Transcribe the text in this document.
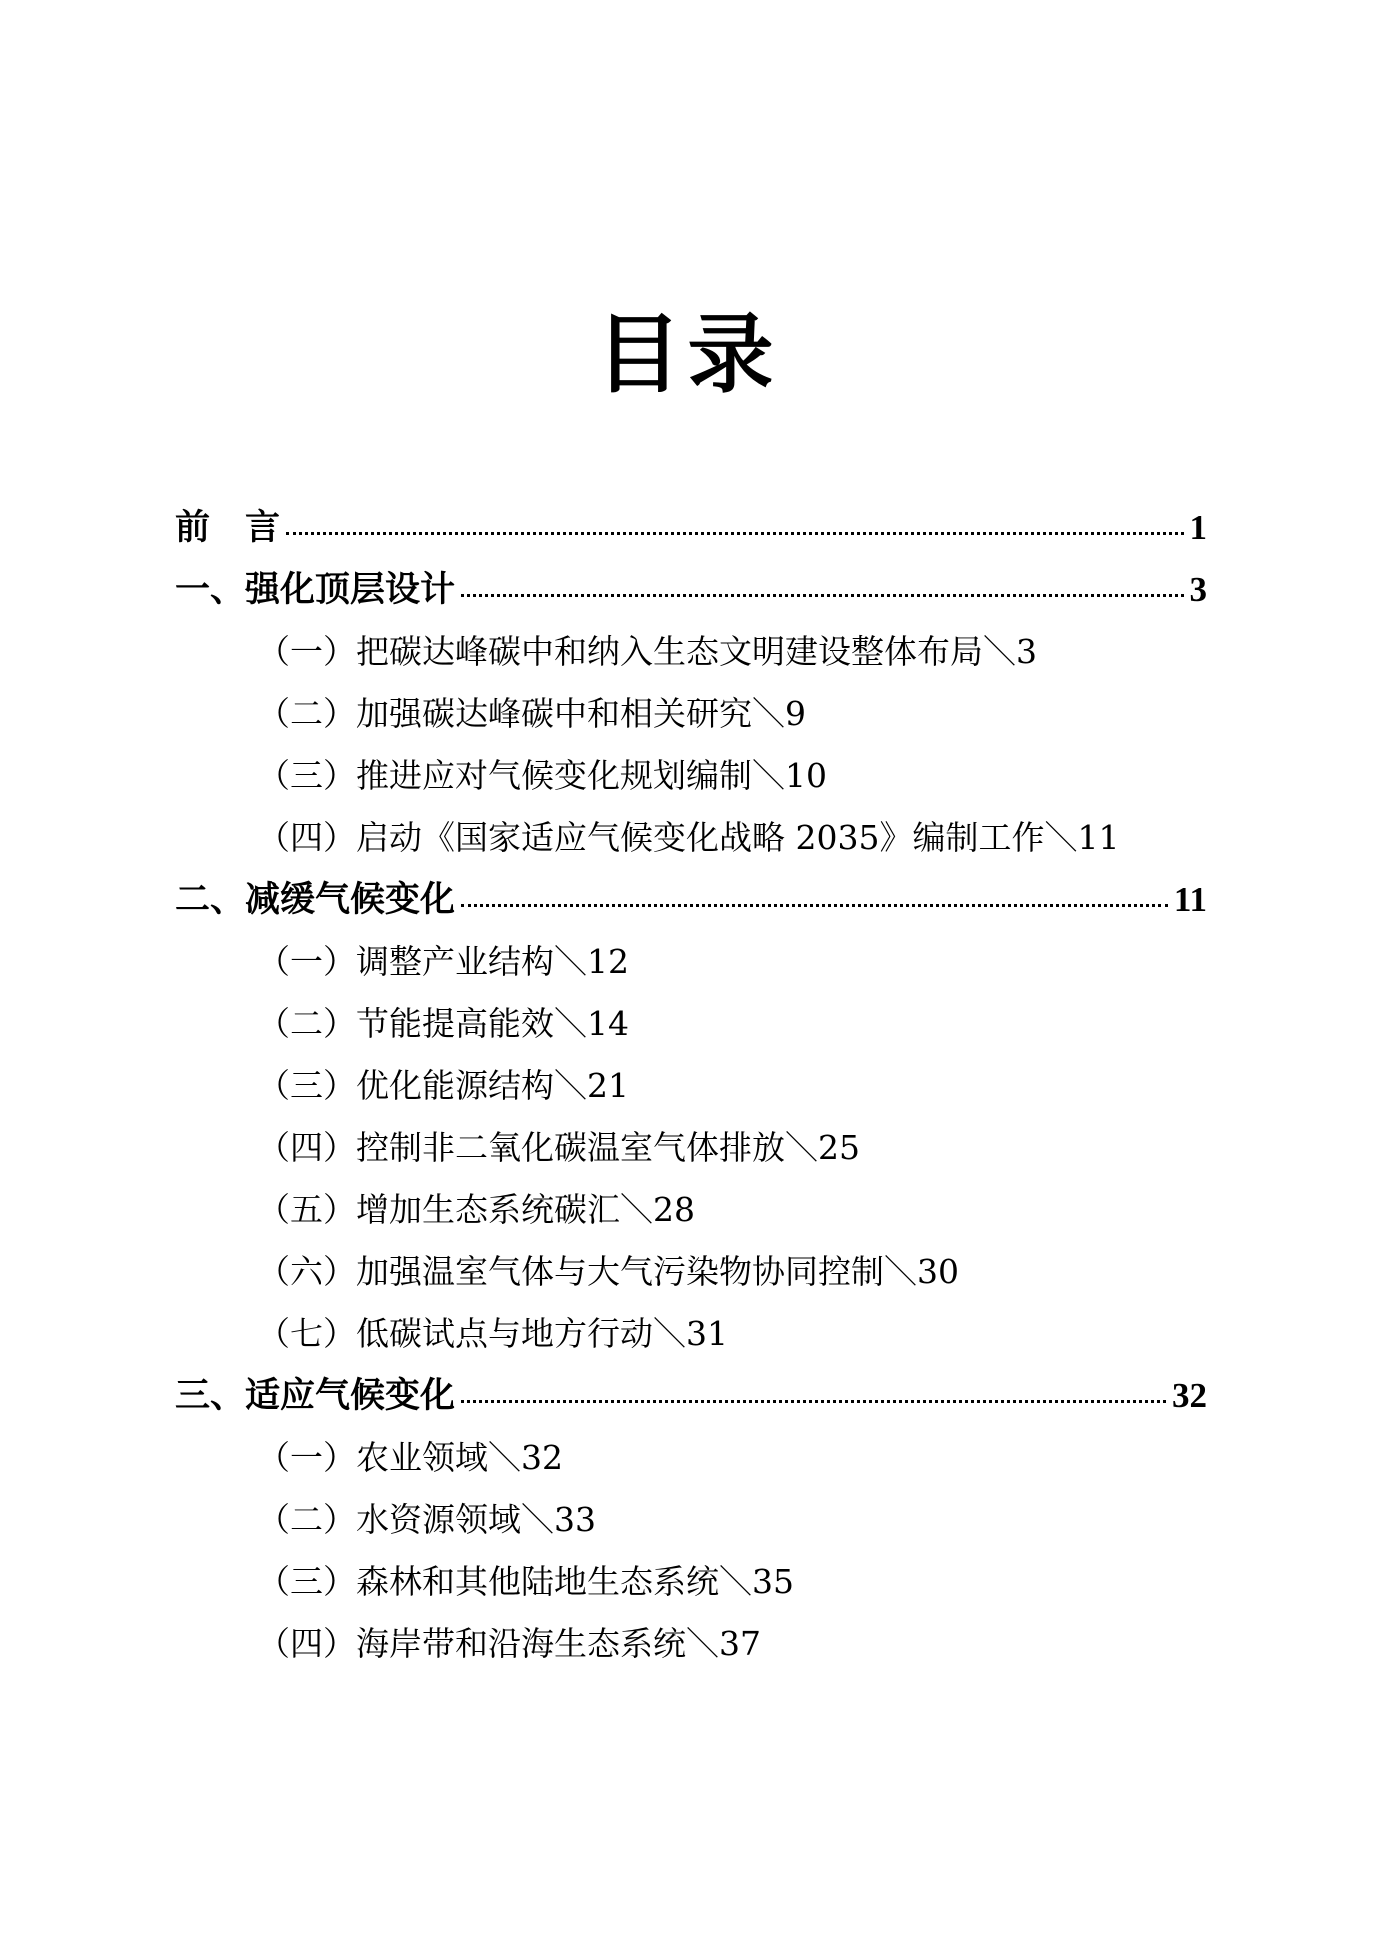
目录
前　言	1
一、强化顶层设计	3
（一）把碳达峰碳中和纳入生态文明建设整体布局＼3
（二）加强碳达峰碳中和相关研究＼9
（三）推进应对气候变化规划编制＼10
（四）启动《国家适应气候变化战略 2035》编制工作＼11
二、减缓气候变化	11
（一）调整产业结构＼12
（二）节能提高能效＼14
（三）优化能源结构＼21
（四）控制非二氧化碳温室气体排放＼25
（五）增加生态系统碳汇＼28
（六）加强温室气体与大气污染物协同控制＼30
（七）低碳试点与地方行动＼31
三、适应气候变化	32
（一）农业领域＼32
（二）水资源领域＼33
（三）森林和其他陆地生态系统＼35
（四）海岸带和沿海生态系统＼37
